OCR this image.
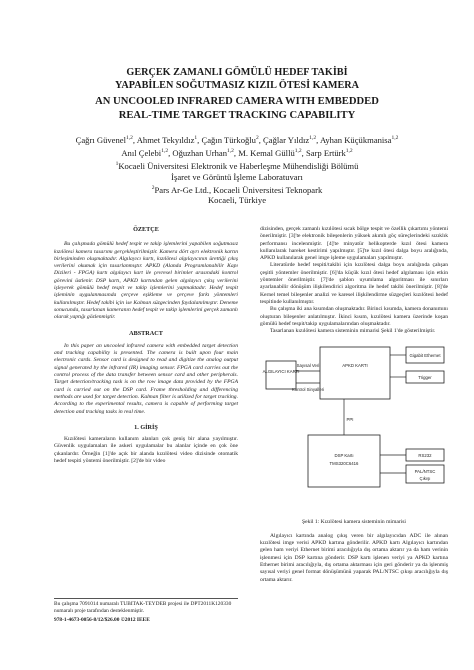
GERÇEK ZAMANLI GÖMÜLÜ HEDEF TAKİBİ
YAPABİLEN SOĞUTMASIZ KIZIL ÖTESİ KAMERA
AN UNCOOLED INFRARED CAMERA WITH EMBEDDED
REAL-TIME TARGET TRACKING CAPABILITY
Çağrı Güvenel$^{1,2}$, Ahmet Tekyıldız$^1$, Çağın Türkoğlu$^2$, Çağlar Yıldız$^{1,2}$, Ayhan Küçükmanisa$^{1,2}$
Anıl Çelebi$^{1,2}$, Oğuzhan Urhan$^{1,2}$, M. Kemal Güllü$^{1,2}$, Sarp Ertürk$^{1,2}$
$^1$Kocaeli Üniversitesi Elektronik ve Haberleşme Mühendisliği Bölümü
İşaret ve Görüntü İşleme Laboratuvarı
$^2$Pars Ar-Ge Ltd., Kocaeli Üniversitesi Teknopark
Kocaeli, Türkiye
ÖZETÇE

Bu çalışmada gömülü hedef tespit ve takip işlemlerini yapabilen soğutmasız kızılötesi kamera tasarımı gerçekleştirilmiştir. Kamera dört ayrı elektronik kartın birleşiminden oluşmaktadır. Algılayıcı kartı, kızılötesi algılayıcının ürettiği çıkış verilerini okumak için tasarlanmıştır. APKD (Alanda Programlanabilir Kapı Dizileri - FPGA) kartı algılayıcı kart ile çevresel birimler arasındaki kontrol görevini üstlenir. DSP kartı, APKD kartından gelen algılayıcı çıkış verilerini işleyerek gömülü hedef tespit ve takip işlemlerini yapmaktadır. Hedef tespit işleminin uygulanmasında çerçeve eşikleme ve çerçeve farkı yöntemleri kullanılmıştır. Hedef takibi için ise Kalman süzgecinden faydalanılmıştır. Deneme sonucunda, tasarlanan kameranın hedef tespit ve takip işlemlerini gerçek zamanlı olarak yaptığı gözlenmiştir.

ABSTRACT

In this paper an uncooled infrared camera with embedded target detection and tracking capability is presented. The camera is built upon four main electronic cards. Sensor card is designed to read and digitize the analog output signal generated by the infrared (IR) imaging sensor. FPGA card carries out the control process of the data transfer between sensor card and other peripherals. Target detection/tracking task is on the row image data provided by the FPGA card is carried out on the DSP card. Frame thresholding and differencing methods are used for target detection. Kalman filter is utilized for target tracking. According to the experimental results, camera is capable of performing target detection and tracking tasks in real time.

1. GİRİŞ

Kızılötesi kameraların kullanım alanları çok geniş bir alana yayılmıştır. Güvenlik uygulamaları ile askeri uygulamalar bu alanlar içinde en çok öne çıkanlardır. Örneğin [1]'de açık bir alanda kızılötesi video dizisinde otomatik hedef tespiti yöntemi önerilmiştir. [2]'de bir video

Bu çalışma 7091014 numaralı TUBITAK-TEYDEB projesi ile DPT2011K120330 numaralı proje tarafından desteklenmiştir.
978-1-4673-0056-8/12/$26.00 ©2012 IEEE

dizisinden, gerçek zamanlı kızılötesi sıcak bölge tespit ve özellik çıkartımı yöntemi önerilmiştir. [3]'te elektronik bileşenlerin yüksek akımlı göç süreçlerindeki sızıklık performansı incelenmiştir. [4]'te minyatür helikopterde kızıl ötesi kamera kullanılarak hareket kestirimi yapılmıştır. [5]'te kızıl ötesi dalga boyu aralığında, APKD kullanılarak genel imge işleme uygulamaları yapılmıştır.

Literatürde hedef tespiti/takibi için kızılötesi dalga boyu aralığında çalışan çeşitli yöntemler önerilmiştir. [6]'da küçük kızıl ötesi hedef algılaması için etkin yöntemler önerilmiştir. [7]'de şablon uyumlama algoritması ile sınırları ayarlanabilir dönüşüm ilişkilendirici algoritma ile hedef takibi önerilmiştir. [8]'de Kernel temel bileşenler analizi ve karesel ilişkilendirme süzgeçleri kızılötesi hedef tespitinde kullanılmıştır.

Bu çalışma iki ana kısımdan oluşmaktadır. Birinci kısımda, kamera donanımını oluşturan bileşenler anlatılmıştır. İkinci kısım, kızılötesi kamera üzerinde koşan gömülü hedef tespit/takip uygulamalarından oluşmaktadır.

Tasarlanan kızılötesi kamera sisteminin mimarisi Şekil 1'de gösterilmiştir.

Sayısal Veri
ALGILAYICI KARTI
APKD KARTI
Kontrol Sinyalleri
PPI
Gigabit Ethernet
Trigger
RS232
PAL/NTSC
Çıkışı
DSP Kartı
TMS320C6416
Şekil 1: Kızılötesi kamera sisteminin mimarisi

Algılayıcı kartında analog çıkış veren bir algılayıcıdan ADC ile alınan kızılötesi imge verisi APKD kartına gönderilir. APKD kartı Algılayıcı kartından gelen ham veriyi Ethernet birimi aracılığıyla dış ortama aktarır ya da ham verinin işlenmesi için DSP kartına gönderir. DSP kartı işlenen veriyi ya APKD kartına Ethernet birimi aracılığıyla, dış ortama aktarması için geri gönderir ya da işlenmiş sayısal veriyi genel format dönüşümünü yaparak PAL/NTSC çıkışı aracılığıyla dış ortama aktarır.
